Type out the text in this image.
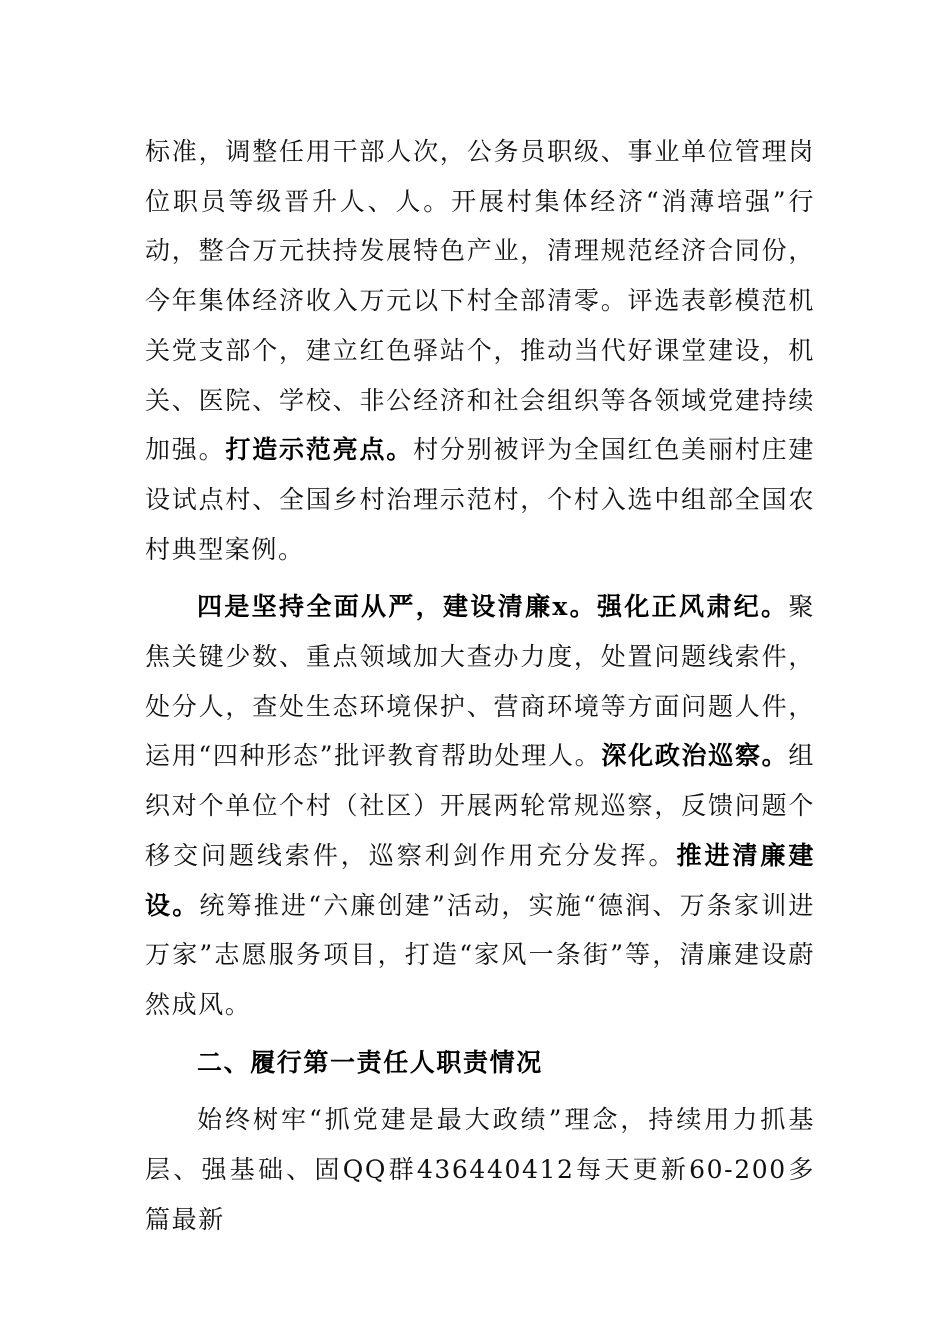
标准，调整任用干部人次，公务员职级、事业单位管理岗位职员等级晋升人、人。开展村集体经济“消薄培强”行动，整合万元扶持发展特色产业，清理规范经济合同份，今年集体经济收入万元以下村全部清零。评选表彰模范机关党支部个，建立红色驿站个，推动当代好课堂建设，机关、医院、学校、非公经济和社会组织等各领域党建持续加强。打造示范亮点。村分别被评为全国红色美丽村庄建设试点村、全国乡村治理示范村，个村入选中组部全国农村典型案例。

四是坚持全面从严，建设清廉x。强化正风肃纪。聚焦关键少数、重点领域加大查办力度，处置问题线索件，处分人，查处生态环境保护、营商环境等方面问题人件，运用“四种形态”批评教育帮助处理人。深化政治巡察。组织对个单位个村（社区）开展两轮常规巡察，反馈问题个移交问题线索件，巡察利剑作用充分发挥。推进清廉建设。统筹推进“六廉创建”活动，实施“德润、万条家训进万家”志愿服务项目，打造“家风一条街”等，清廉建设蔚然成风。

二、履行第一责任人职责情况

始终树牢“抓党建是最大政绩”理念，持续用力抓基层、强基础、固QQ群436440412每天更新60-200多篇最新
